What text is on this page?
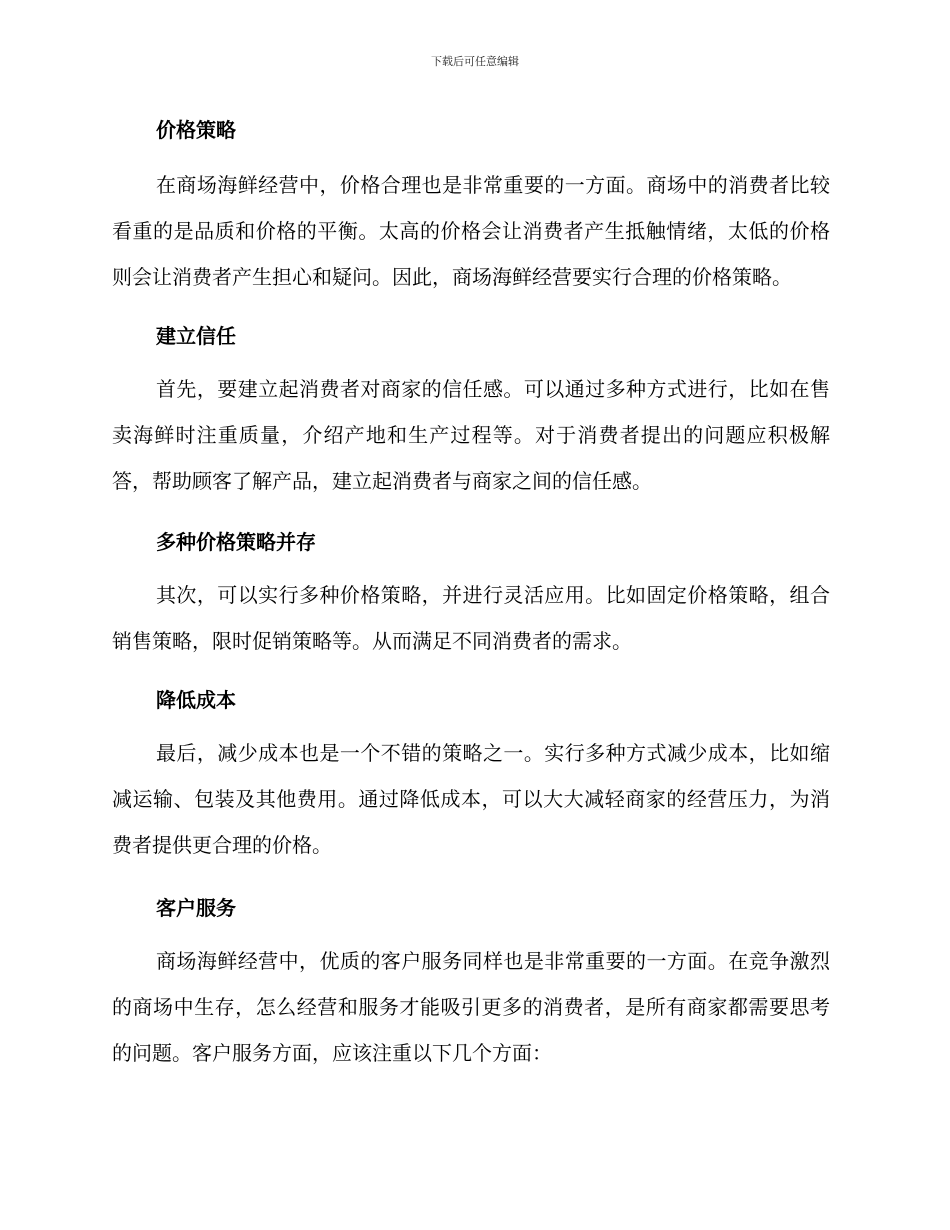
下载后可任意编辑
价格策略

在商场海鲜经营中，价格合理也是非常重要的一方面。商场中的消费者比较看重的是品质和价格的平衡。太高的价格会让消费者产生抵触情绪，太低的价格则会让消费者产生担心和疑问。因此，商场海鲜经营要实行合理的价格策略。

建立信任

首先，要建立起消费者对商家的信任感。可以通过多种方式进行，比如在售卖海鲜时注重质量，介绍产地和生产过程等。对于消费者提出的问题应积极解答，帮助顾客了解产品，建立起消费者与商家之间的信任感。

多种价格策略并存

其次，可以实行多种价格策略，并进行灵活应用。比如固定价格策略，组合销售策略，限时促销策略等。从而满足不同消费者的需求。

降低成本

最后，减少成本也是一个不错的策略之一。实行多种方式减少成本，比如缩减运输、包装及其他费用。通过降低成本，可以大大减轻商家的经营压力，为消费者提供更合理的价格。

客户服务

商场海鲜经营中，优质的客户服务同样也是非常重要的一方面。在竞争激烈的商场中生存，怎么经营和服务才能吸引更多的消费者，是所有商家都需要思考的问题。客户服务方面，应该注重以下几个方面：
